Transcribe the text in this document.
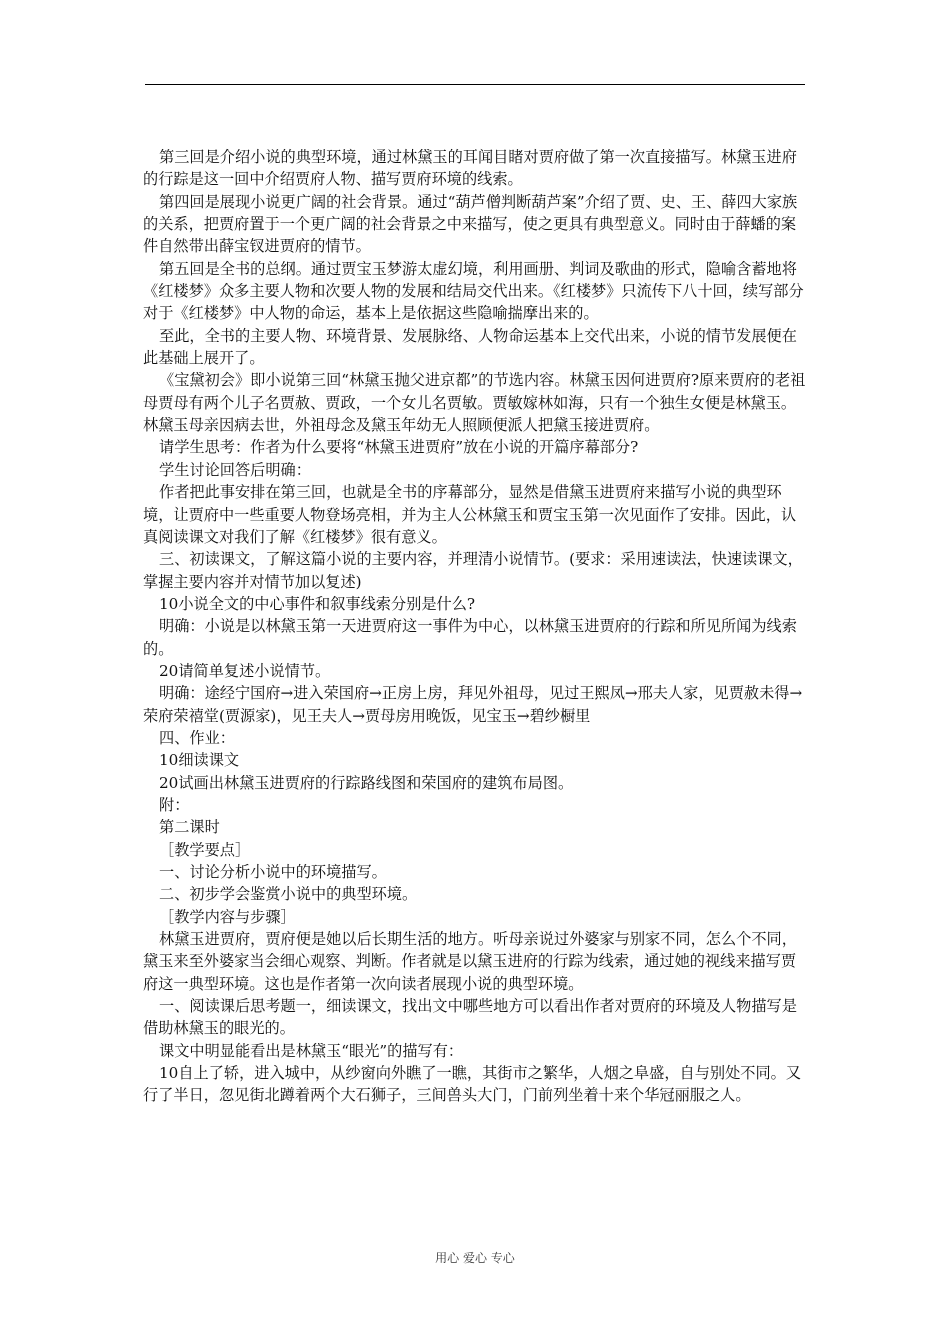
第三回是介绍小说的典型环境，通过林黛玉的耳闻目睹对贾府做了第一次直接描写。林黛玉进府的行踪是这一回中介绍贾府人物、描写贾府环境的线索。

第四回是展现小说更广阔的社会背景。通过“葫芦僧判断葫芦案”介绍了贾、史、王、薛四大家族的关系，把贾府置于一个更广阔的社会背景之中来描写，使之更具有典型意义。同时由于薛蟠的案件自然带出薛宝钗进贾府的情节。

第五回是全书的总纲。通过贾宝玉梦游太虚幻境，利用画册、判词及歌曲的形式，隐喻含蓄地将《红楼梦》众多主要人物和次要人物的发展和结局交代出来。《红楼梦》只流传下八十回，续写部分对于《红楼梦》中人物的命运，基本上是依据这些隐喻揣摩出来的。

至此，全书的主要人物、环境背景、发展脉络、人物命运基本上交代出来，小说的情节发展便在此基础上展开了。

《宝黛初会》即小说第三回“林黛玉抛父进京都”的节选内容。林黛玉因何进贾府?原来贾府的老祖母贾母有两个儿子名贾赦、贾政，一个女儿名贾敏。贾敏嫁林如海，只有一个独生女便是林黛玉。林黛玉母亲因病去世，外祖母念及黛玉年幼无人照顾便派人把黛玉接进贾府。

请学生思考：作者为什么要将“林黛玉进贾府”放在小说的开篇序幕部分?

学生讨论回答后明确：

作者把此事安排在第三回，也就是全书的序幕部分，显然是借黛玉进贾府来描写小说的典型环境，让贾府中一些重要人物登场亮相，并为主人公林黛玉和贾宝玉第一次见面作了安排。因此，认真阅读课文对我们了解《红楼梦》很有意义。

三、初读课文，了解这篇小说的主要内容，并理清小说情节。(要求：采用速读法，快速读课文，掌握主要内容并对情节加以复述)

10小说全文的中心事件和叙事线索分别是什么?

明确：小说是以林黛玉第一天进贾府这一事件为中心，以林黛玉进贾府的行踪和所见所闻为线索的。

20请简单复述小说情节。

明确：途经宁国府→进入荣国府→正房上房，拜见外祖母，见过王熙凤→邢夫人家，见贾赦未得→荣府荣禧堂(贾源家)，见王夫人→贾母房用晚饭，见宝玉→碧纱橱里

四、作业：

10细读课文

20试画出林黛玉进贾府的行踪路线图和荣国府的建筑布局图。

附：

第二课时

［教学要点］

一、讨论分析小说中的环境描写。

二、初步学会鉴赏小说中的典型环境。

［教学内容与步骤］

林黛玉进贾府，贾府便是她以后长期生活的地方。听母亲说过外婆家与别家不同，怎么个不同，黛玉来至外婆家当会细心观察、判断。作者就是以黛玉进府的行踪为线索，通过她的视线来描写贾府这一典型环境。这也是作者第一次向读者展现小说的典型环境。

一、阅读课后思考题一，细读课文，找出文中哪些地方可以看出作者对贾府的环境及人物描写是借助林黛玉的眼光的。

课文中明显能看出是林黛玉“眼光”的描写有：

10自上了轿，进入城中，从纱窗向外瞧了一瞧，其街市之繁华，人烟之阜盛，自与别处不同。又行了半日，忽见街北蹲着两个大石狮子，三间兽头大门，门前列坐着十来个华冠丽服之人。

用心 爱心 专心
